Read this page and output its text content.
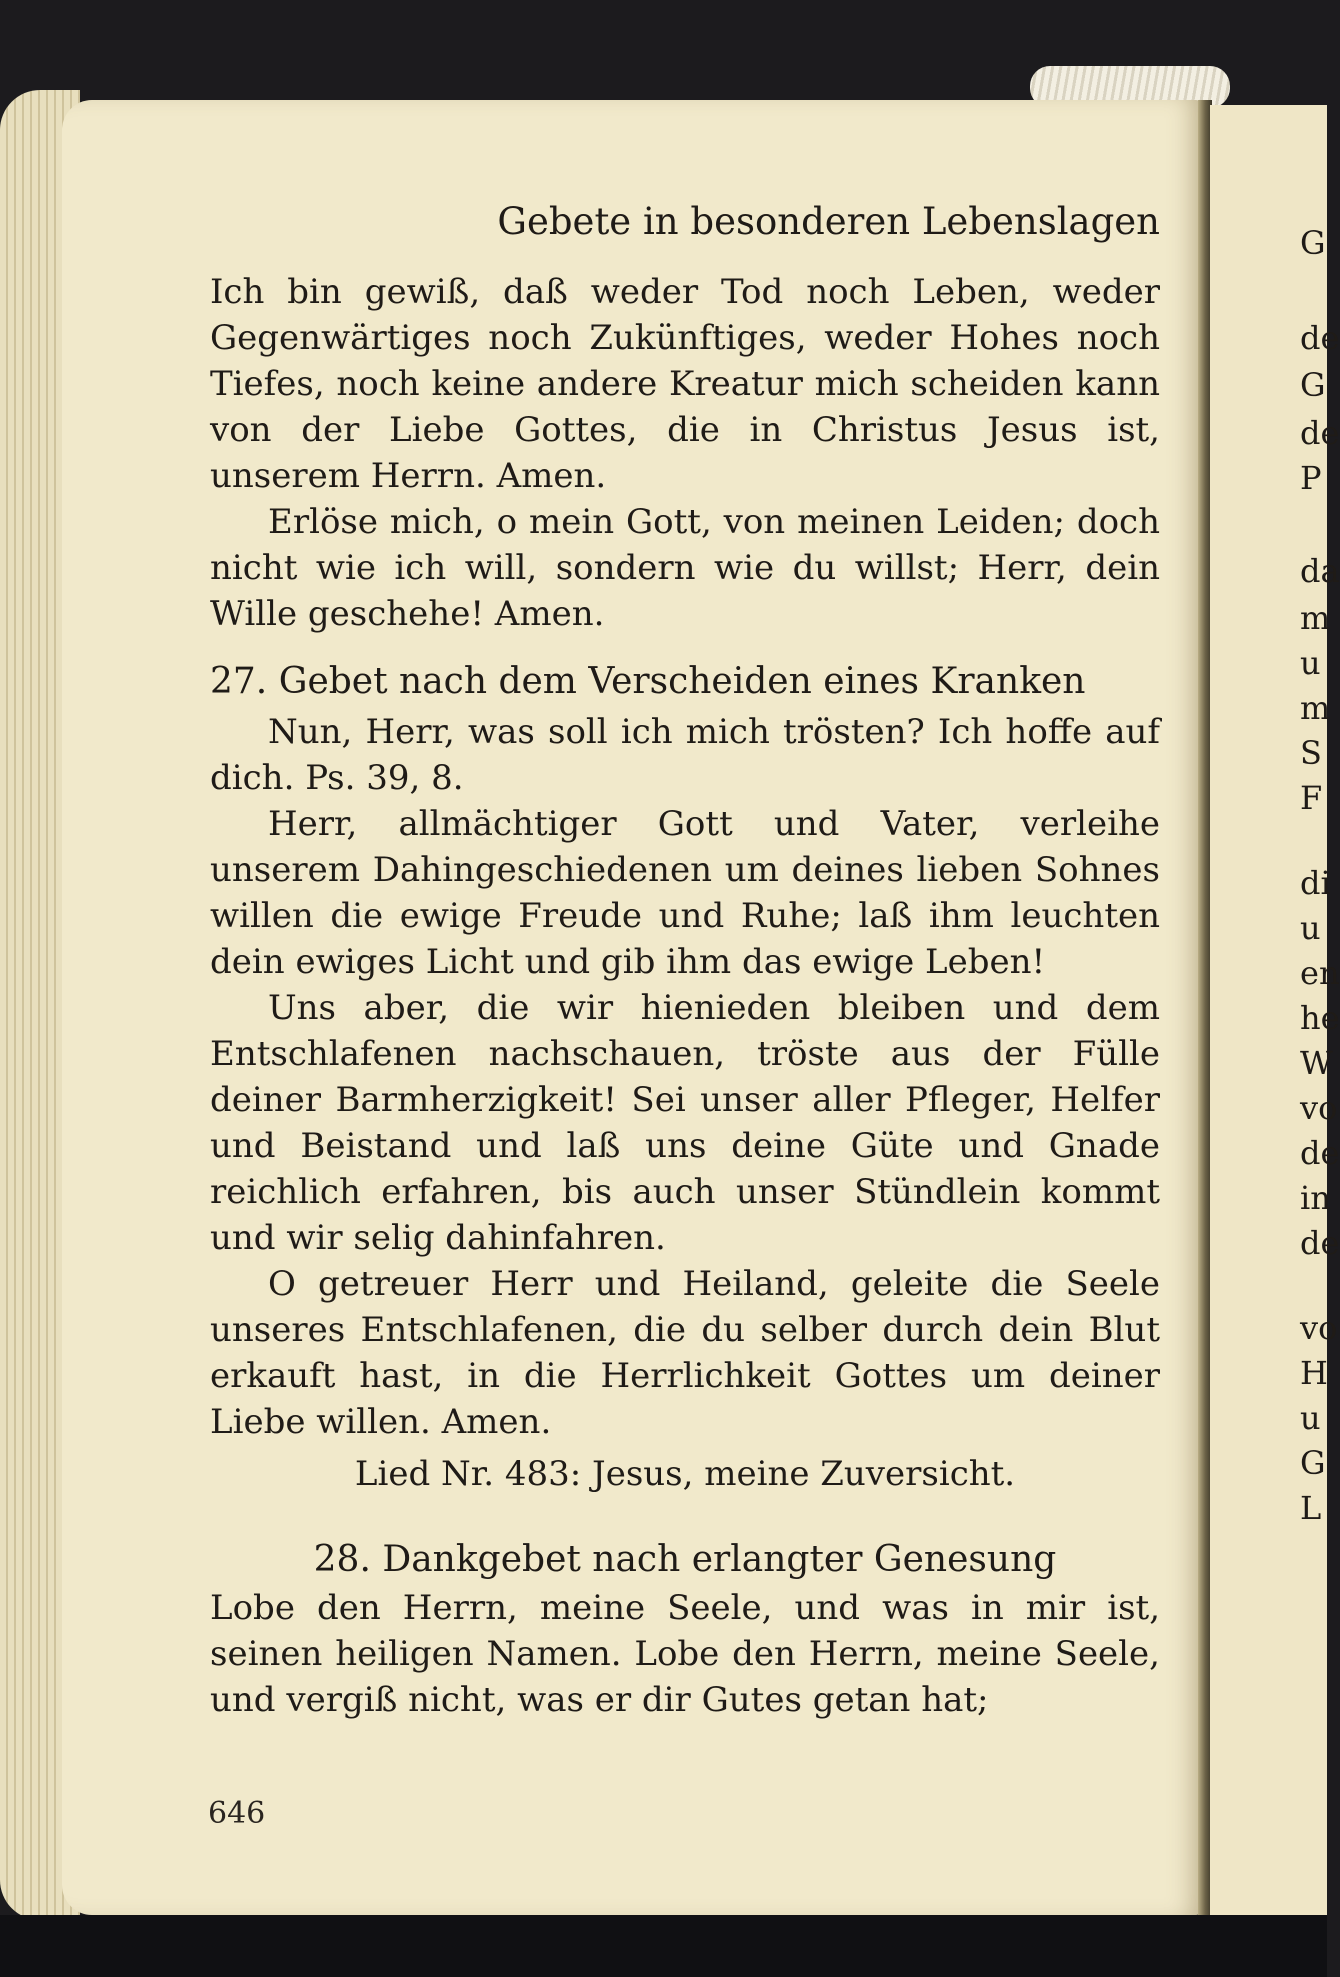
Gebete in besonderen Lebenslagen

Ich bin gewiß, daß weder Tod noch Leben, weder Gegenwärtiges noch Zukünftiges, weder Hohes noch Tiefes, noch keine andere Kreatur mich scheiden kann von der Liebe Gottes, die in Christus Jesus ist, unserem Herrn. Amen.

Erlöse mich, o mein Gott, von meinen Leiden; doch nicht wie ich will, sondern wie du willst; Herr, dein Wille geschehe! Amen.

27. Gebet nach dem Verscheiden eines Kranken

Nun, Herr, was soll ich mich trösten? Ich hoffe auf dich. Ps. 39, 8.

Herr, allmächtiger Gott und Vater, verleihe unserem Dahingeschiedenen um deines lieben Sohnes willen die ewige Freude und Ruhe; laß ihm leuchten dein ewiges Licht und gib ihm das ewige Leben!

Uns aber, die wir hienieden bleiben und dem Entschlafenen nachschauen, tröste aus der Fülle deiner Barmherzigkeit! Sei unser aller Pfleger, Helfer und Beistand und laß uns deine Güte und Gnade reichlich erfahren, bis auch unser Stündlein kommt und wir selig dahinfahren.

O getreuer Herr und Heiland, geleite die Seele unseres Entschlafenen, die du selber durch dein Blut erkauft hast, in die Herrlichkeit Gottes um deiner Liebe willen. Amen.

Lied Nr. 483: Jesus, meine Zuversicht.
28. Dankgebet nach erlangter Genesung

Lobe den Herrn, meine Seele, und was in mir ist, seinen heiligen Namen. Lobe den Herrn, meine Seele, und vergiß nicht, was er dir Gutes getan hat;

646
G
de
G
de
P
da
m
u
m
S
F
di
u
en
he
W
vo
de
in
de
vo
H
u
G
L
